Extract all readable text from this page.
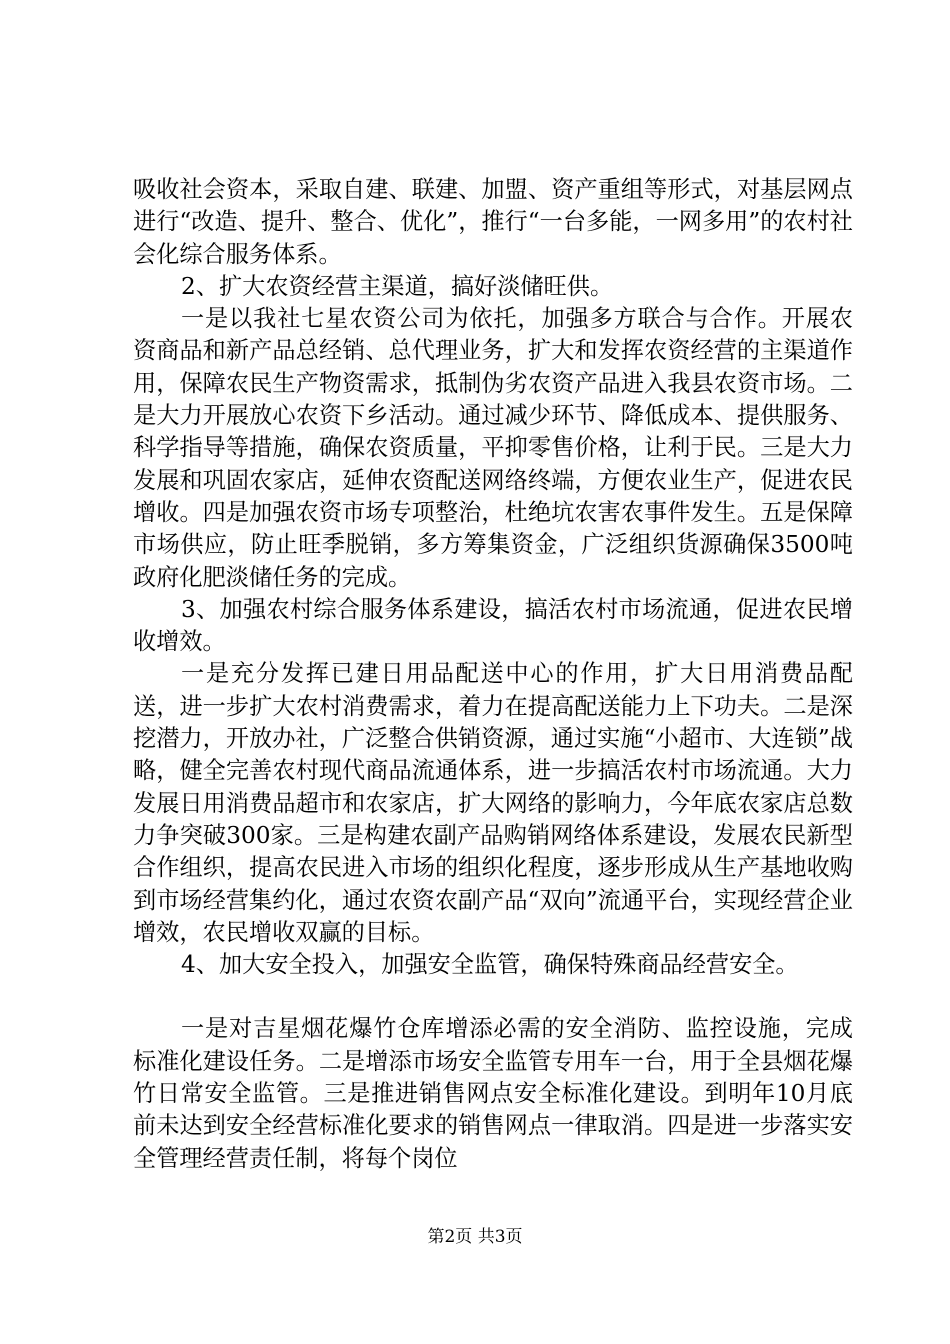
吸收社会资本，采取自建、联建、加盟、资产重组等形式，对基层网点进行“改造、提升、整合、优化”，推行“一台多能，一网多用”的农村社会化综合服务体系。

2、扩大农资经营主渠道，搞好淡储旺供。

一是以我社七星农资公司为依托，加强多方联合与合作。开展农资商品和新产品总经销、总代理业务，扩大和发挥农资经营的主渠道作用，保障农民生产物资需求，抵制伪劣农资产品进入我县农资市场。二是大力开展放心农资下乡活动。通过减少环节、降低成本、提供服务、科学指导等措施，确保农资质量，平抑零售价格，让利于民。三是大力发展和巩固农家店，延伸农资配送网络终端，方便农业生产，促进农民增收。四是加强农资市场专项整治，杜绝坑农害农事件发生。五是保障市场供应，防止旺季脱销，多方筹集资金，广泛组织货源确保3500吨政府化肥淡储任务的完成。

3、加强农村综合服务体系建设，搞活农村市场流通，促进农民增收增效。

一是充分发挥已建日用品配送中心的作用，扩大日用消费品配送，进一步扩大农村消费需求，着力在提高配送能力上下功夫。二是深挖潜力，开放办社，广泛整合供销资源，通过实施“小超市、大连锁”战略，健全完善农村现代商品流通体系，进一步搞活农村市场流通。大力发展日用消费品超市和农家店，扩大网络的影响力，今年底农家店总数力争突破300家。三是构建农副产品购销网络体系建设，发展农民新型合作组织，提高农民进入市场的组织化程度，逐步形成从生产基地收购到市场经营集约化，通过农资农副产品“双向”流通平台，实现经营企业增效，农民增收双赢的目标。

4、加大安全投入，加强安全监管，确保特殊商品经营安全。

一是对吉星烟花爆竹仓库增添必需的安全消防、监控设施，完成标准化建设任务。二是增添市场安全监管专用车一台，用于全县烟花爆竹日常安全监管。三是推进销售网点安全标准化建设。到明年10月底前未达到安全经营标准化要求的销售网点一律取消。四是进一步落实安全管理经营责任制，将每个岗位

第2页 共3页
